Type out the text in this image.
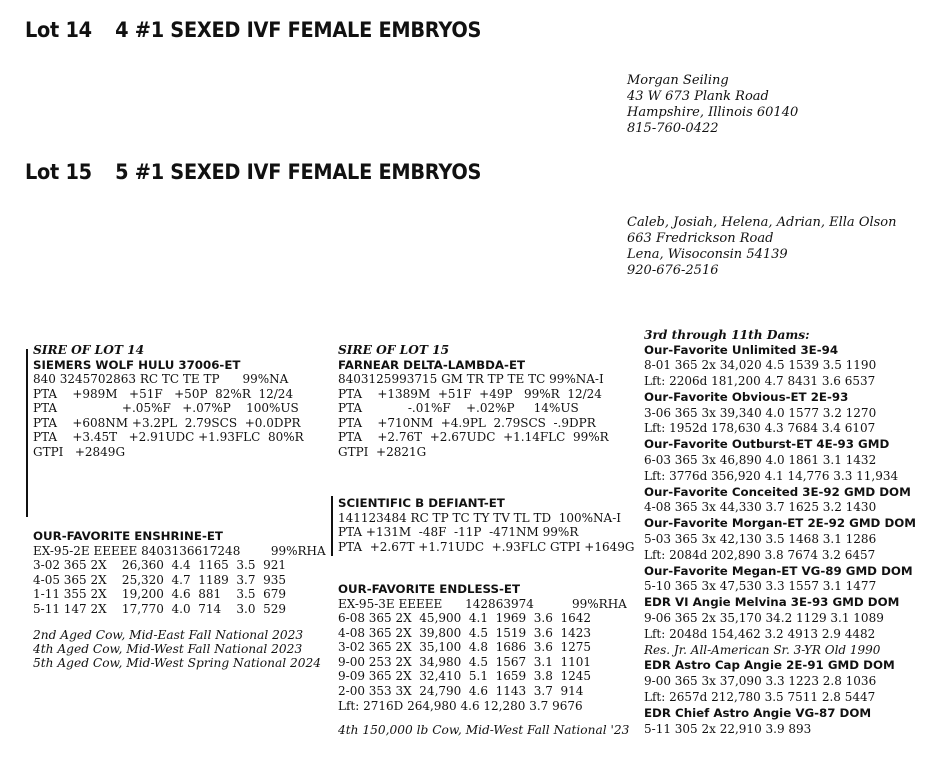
Lot 14 4 #1 SEXED IVF FEMALE EMBRYOS
Morgan Seiling
43 W 673 Plank Road
Hampshire, Illinois 60140
815-760-0422
Lot 15 5 #1 SEXED IVF FEMALE EMBRYOS
Caleb, Josiah, Helena, Adrian, Ella Olson
663 Fredrickson Road
Lena, Wisoconsin 54139
920-676-2516
SIRE OF LOT 14
SIEMERS WOLF HULU 37006-ET
840 3245702863 RC TC TE TP      99%NA
PTA    +989M   +51F   +50P  82%R  12/24
PTA                 +.05%F   +.07%P    100%US
PTA    +608NM +3.2PL  2.79SCS  +0.0DPR
PTA    +3.45T   +2.91UDC +1.93FLC  80%R
GTPI   +2849G
OUR-FAVORITE ENSHRINE-ET
EX-95-2E EEEEE 8403136617248        99%RHA
3-02 365 2X    26,360  4.4  1165  3.5  921
4-05 365 2X    25,320  4.7  1189  3.7  935
1-11 355 2X    19,200  4.6  881    3.5  679
5-11 147 2X    17,770  4.0  714    3.0  529
2nd Aged Cow, Mid-East Fall National 2023
4th Aged Cow, Mid-West Fall National 2023
5th Aged Cow, Mid-West Spring National 2024
SIRE OF LOT 15
FARNEAR DELTA-LAMBDA-ET
8403125993715 GM TR TP TE TC 99%NA-I
PTA    +1389M  +51F  +49P   99%R  12/24
PTA            -.01%F    +.02%P     14%US
PTA    +710NM  +4.9PL  2.79SCS  -.9DPR
PTA    +2.76T  +2.67UDC  +1.14FLC  99%R
GTPI  +2821G
SCIENTIFIC B DEFIANT-ET
141123484 RC TP TC TY TV TL TD  100%NA-I
PTA +131M  -48F  -11P  -471NM 99%R
PTA  +2.67T +1.71UDC  +.93FLC GTPI +1649G
OUR-FAVORITE ENDLESS-ET
EX-95-3E EEEEE      142863974          99%RHA
6-08 365 2X  45,900  4.1  1969  3.6  1642
4-08 365 2X  39,800  4.5  1519  3.6  1423
3-02 365 2X  35,100  4.8  1686  3.6  1275
9-00 253 2X  34,980  4.5  1567  3.1  1101
9-09 365 2X  32,410  5.1  1659  3.8  1245
2-00 353 3X  24,790  4.6  1143  3.7  914
Lft: 2716D 264,980 4.6 12,280 3.7 9676
4th 150,000 lb Cow, Mid-West Fall National '23
3rd through 11th Dams:
Our-Favorite Unlimited 3E-94
8-01 365 2x 34,020 4.5 1539 3.5 1190
Lft: 2206d 181,200 4.7 8431 3.6 6537
Our-Favorite Obvious-ET 2E-93
3-06 365 3x 39,340 4.0 1577 3.2 1270
Lft: 1952d 178,630 4.3 7684 3.4 6107
Our-Favorite Outburst-ET 4E-93 GMD
6-03 365 3x 46,890 4.0 1861 3.1 1432
Lft: 3776d 356,920 4.1 14,776 3.3 11,934
Our-Favorite Conceited 3E-92 GMD DOM
4-08 365 3x 44,330 3.7 1625 3.2 1430
Our-Favorite Morgan-ET 2E-92 GMD DOM
5-03 365 3x 42,130 3.5 1468 3.1 1286
Lft: 2084d 202,890 3.8 7674 3.2 6457
Our-Favorite Megan-ET VG-89 GMD DOM
5-10 365 3x 47,530 3.3 1557 3.1 1477
EDR VI Angie Melvina 3E-93 GMD DOM
9-06 365 2x 35,170 34.2 1129 3.1 1089
Lft: 2048d 154,462 3.2 4913 2.9 4482
Res. Jr. All-American Sr. 3-YR Old 1990
EDR Astro Cap Angie 2E-91 GMD DOM
9-00 365 3x 37,090 3.3 1223 2.8 1036
Lft: 2657d 212,780 3.5 7511 2.8 5447
EDR Chief Astro Angie VG-87 DOM
5-11 305 2x 22,910 3.9 893
